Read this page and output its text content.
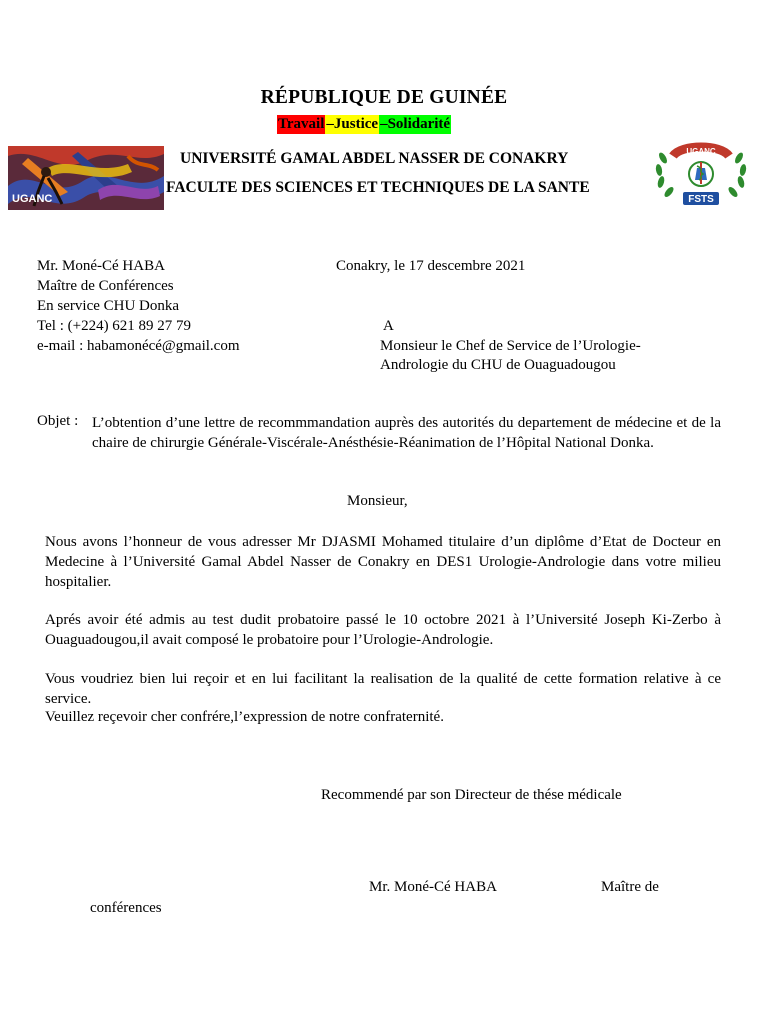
RÉPUBLIQUE DE GUINÉE
Travail –Justice –Solidarité
UGANC
UNIVERSITÉ GAMAL ABDEL NASSER DE CONAKRY
FACULTE DES SCIENCES ET TECHNIQUES DE LA SANTE
UGANC
FSTS
Mr. Moné-Cé HABA
Maître de Conférences
En service CHU Donka
Tel : (+224) 621 89 27 79
e-mail : habamonécé@gmail.com
Conakry, le 17 descembre 2021
A
Monsieur le Chef de Service de l’Urologie-
Andrologie du CHU de Ouaguadougou
Objet : L’obtention d’une lettre de recommmandation auprès des autorités du departement de médecine et de la chaire de chirurgie Générale-Viscérale-Anésthésie-Réanimation de l’Hôpital National Donka.
Monsieur,
Nous avons l’honneur de vous adresser Mr DJASMI Mohamed titulaire d’un diplôme d’Etat de Docteur en Medecine à l’Université Gamal Abdel Nasser de Conakry en DES1 Urologie-Andrologie dans votre milieu hospitalier.
Aprés avoir été admis au test dudit probatoire passé le 10 octobre 2021 à l’Université Joseph Ki-Zerbo à Ouaguadougou,il avait composé le probatoire pour l’Urologie-Andrologie.
Vous voudriez bien lui reçoir et en lui facilitant la realisation de la qualité de cette formation relative à ce service.
Veuillez reçevoir cher confrére,l’expression de notre confraternité.
Recommendé par son Directeur de thése médicale
Mr. Moné-Cé HABA	Maître de
conférences
